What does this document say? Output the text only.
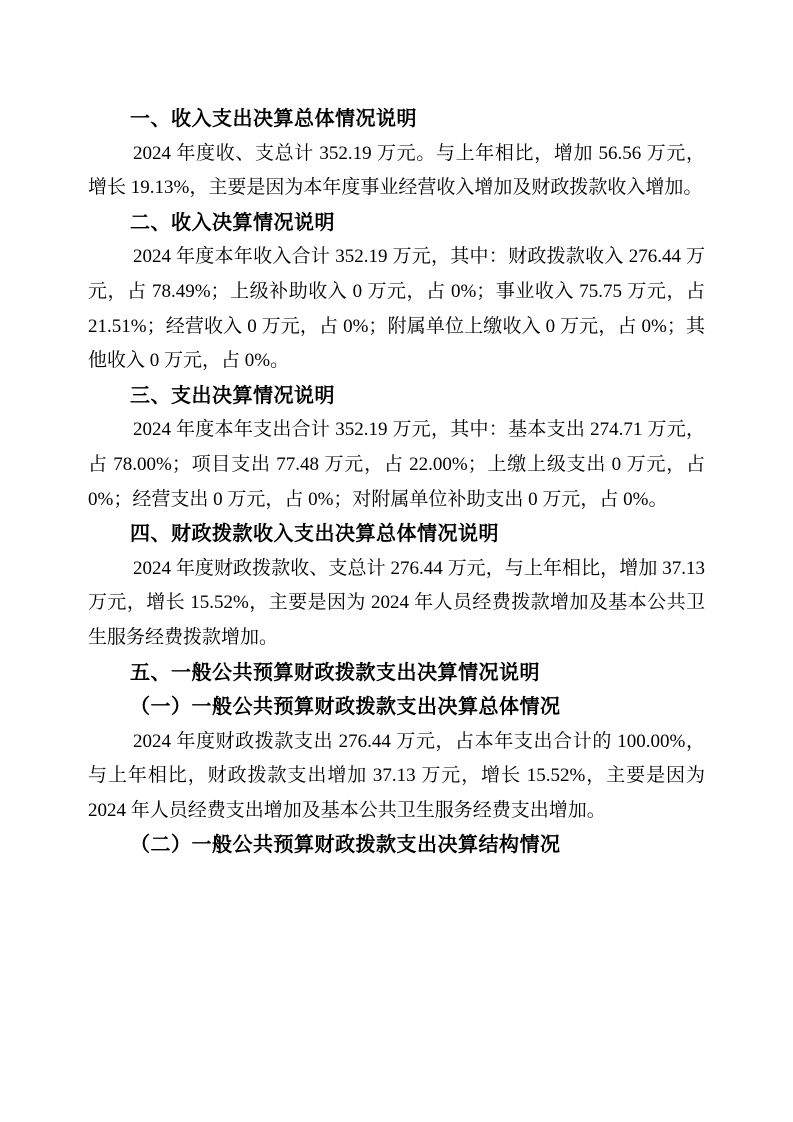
一、收入支出决算总体情况说明

2024 年度收、支总计 352.19 万元。与上年相比，增加 56.56 万元，增长 19.13%，主要是因为本年度事业经营收入增加及财政拨款收入增加。

二、收入决算情况说明

2024 年度本年收入合计 352.19 万元，其中：财政拨款收入 276.44 万元，占 78.49%；上级补助收入 0 万元，占 0%；事业收入 75.75 万元，占 21.51%；经营收入 0 万元，占 0%；附属单位上缴收入 0 万元，占 0%；其他收入 0 万元，占 0%。

三、支出决算情况说明

2024 年度本年支出合计 352.19 万元，其中：基本支出 274.71 万元，占 78.00%；项目支出 77.48 万元，占 22.00%；上缴上级支出 0 万元，占 0%；经营支出 0 万元，占 0%；对附属单位补助支出 0 万元，占 0%。

四、财政拨款收入支出决算总体情况说明

2024 年度财政拨款收、支总计 276.44 万元，与上年相比，增加 37.13 万元，增长 15.52%，主要是因为 2024 年人员经费拨款增加及基本公共卫生服务经费拨款增加。

五、一般公共预算财政拨款支出决算情况说明
（一）一般公共预算财政拨款支出决算总体情况

2024 年度财政拨款支出 276.44 万元，占本年支出合计的 100.00%，与上年相比，财政拨款支出增加 37.13 万元，增长 15.52%，主要是因为 2024 年人员经费支出增加及基本公共卫生服务经费支出增加。

（二）一般公共预算财政拨款支出决算结构情况
